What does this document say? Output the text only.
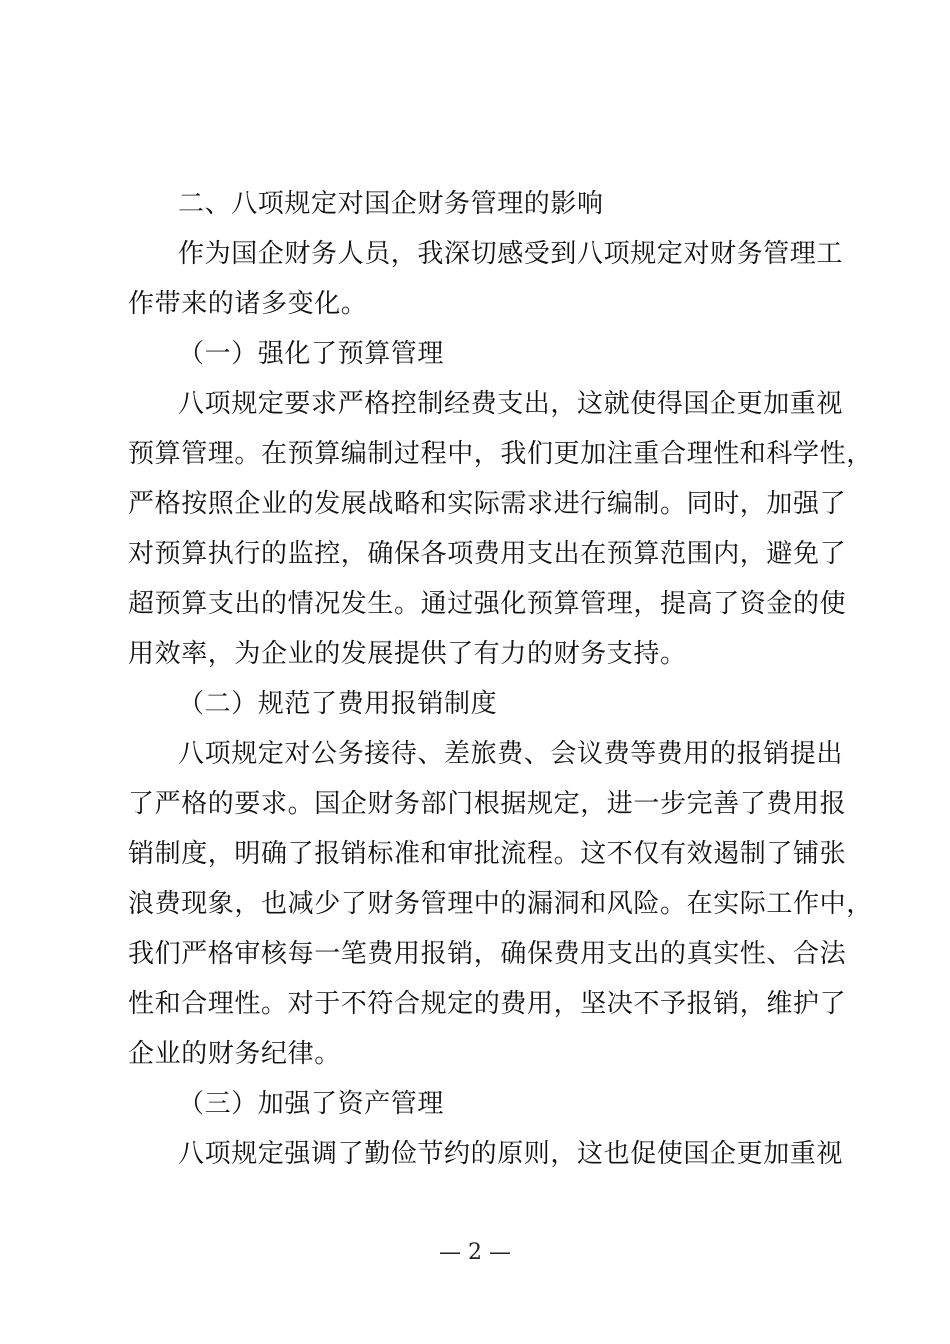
二、八项规定对国企财务管理的影响
作为国企财务人员，我深切感受到八项规定对财务管理工
作带来的诸多变化。
（一）强化了预算管理
八项规定要求严格控制经费支出，这就使得国企更加重视
预算管理。在预算编制过程中，我们更加注重合理性和科学性，
严格按照企业的发展战略和实际需求进行编制。同时，加强了
对预算执行的监控，确保各项费用支出在预算范围内，避免了
超预算支出的情况发生。通过强化预算管理，提高了资金的使
用效率，为企业的发展提供了有力的财务支持。
（二）规范了费用报销制度
八项规定对公务接待、差旅费、会议费等费用的报销提出
了严格的要求。国企财务部门根据规定，进一步完善了费用报
销制度，明确了报销标准和审批流程。这不仅有效遏制了铺张
浪费现象，也减少了财务管理中的漏洞和风险。在实际工作中，
我们严格审核每一笔费用报销，确保费用支出的真实性、合法
性和合理性。对于不符合规定的费用，坚决不予报销，维护了
企业的财务纪律。
（三）加强了资产管理
八项规定强调了勤俭节约的原则，这也促使国企更加重视
— 2 —
